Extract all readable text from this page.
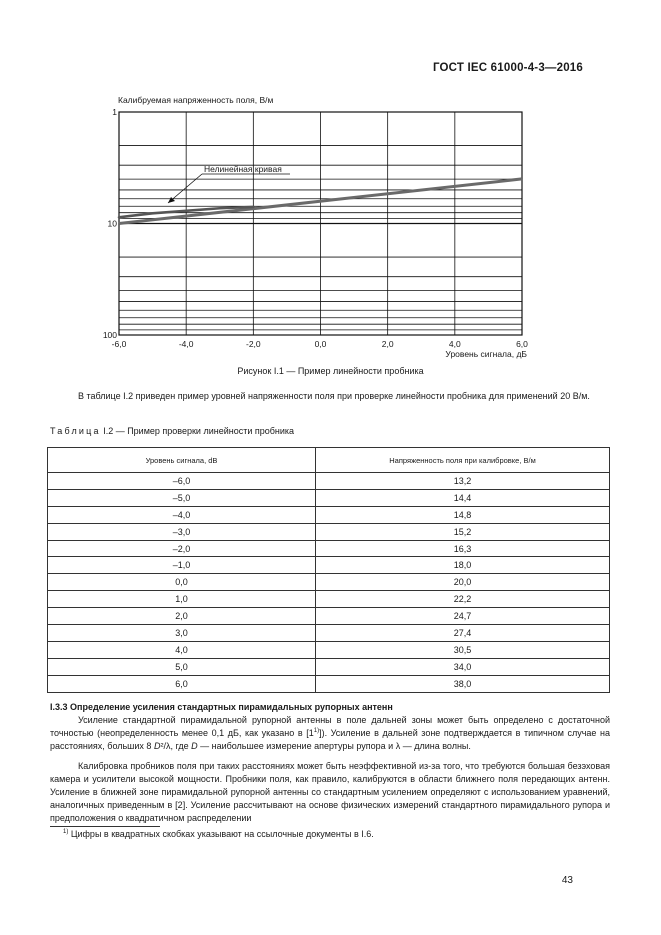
ГОСТ IEC 61000-4-3—2016
Калибруемая напряженность поля, В/м
Уровень сигнала, дБ
-6,0	-4,0	-2,0	0,0	2,0	4,0	6,0
1
10
100
Нелинейная кривая
Рисунок I.1 — Пример линейности пробника
В таблице I.2 приведен пример уровней напряженности поля при проверке линейности пробника для применений 20 В/м.
Таблица I.2 — Пример проверки линейности пробника
Уровень сигнала, dB	Напряженность поля при калибровке, В/м
–6,0	13,2
–5,0	14,4
–4,0	14,8
–3,0	15,2
–2,0	16,3
–1,0	18,0
0,0	20,0
1,0	22,2
2,0	24,7
3,0	27,4
4,0	30,5
5,0	34,0
6,0	38,0
I.3.3 Определение усиления стандартных пирамидальных рупорных антенн
Усиление стандартной пирамидальной рупорной антенны в поле дальней зоны может быть определено с достаточной точностью (неопределенность менее 0,1 дБ, как указано в [1$^{1)}$]). Усиление в дальней зоне подтверждается в типичном случае на расстояниях, больших 8 D²/λ, где D — наибольшее измерение апертуры рупора и λ — длина волны.
Калибровка пробников поля при таких расстояниях может быть неэффективной из-за того, что требуются большая безэховая камера и усилители высокой мощности. Пробники поля, как правило, калибруются в области ближнего поля передающих антенн. Усиление в ближней зоне пирамидальной рупорной антенны со стандартным усилением определяют с использованием уравнений, аналогичных приведенным в [2]. Усиление рассчитывают на основе физических измерений стандартного пирамидального рупора и предположения о квадратичном распределении
$^{1)}$ Цифры в квадратных скобках указывают на ссылочные документы в I.6.
43
